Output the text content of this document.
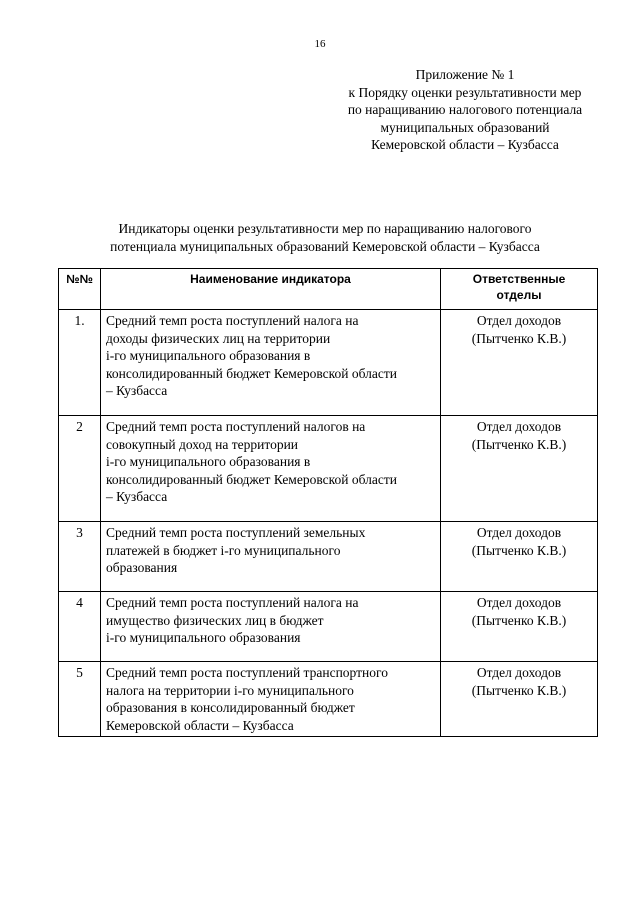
16
Приложение № 1
к Порядку оценки результативности мер
по наращиванию налогового потенциала
муниципальных образований
Кемеровской области – Кузбасса
Индикаторы оценки результативности мер по наращиванию налогового
потенциала муниципальных образований Кемеровской области – Кузбасса
№№	Наименование индикатора	Ответственные
отделы

1.	Средний темп роста поступлений налога на
доходы физических лиц на территории
i-го муниципального образования в
консолидированный бюджет Кемеровской области
– Кузбасса	Отдел доходов
(Пытченко К.В.)

2	Средний темп роста поступлений налогов на
совокупный доход на территории
i-го муниципального образования в
консолидированный бюджет Кемеровской области
– Кузбасса	Отдел доходов
(Пытченко К.В.)

3	Средний темп роста поступлений земельных
платежей в бюджет i-го муниципального
образования	Отдел доходов
(Пытченко К.В.)

4	Средний темп роста поступлений налога на
имущество физических лиц в бюджет
i-го муниципального образования	Отдел доходов
(Пытченко К.В.)

5	Средний темп роста поступлений транспортного
налога на территории i-го муниципального
образования в консолидированный бюджет
Кемеровской области – Кузбасса	Отдел доходов
(Пытченко К.В.)
